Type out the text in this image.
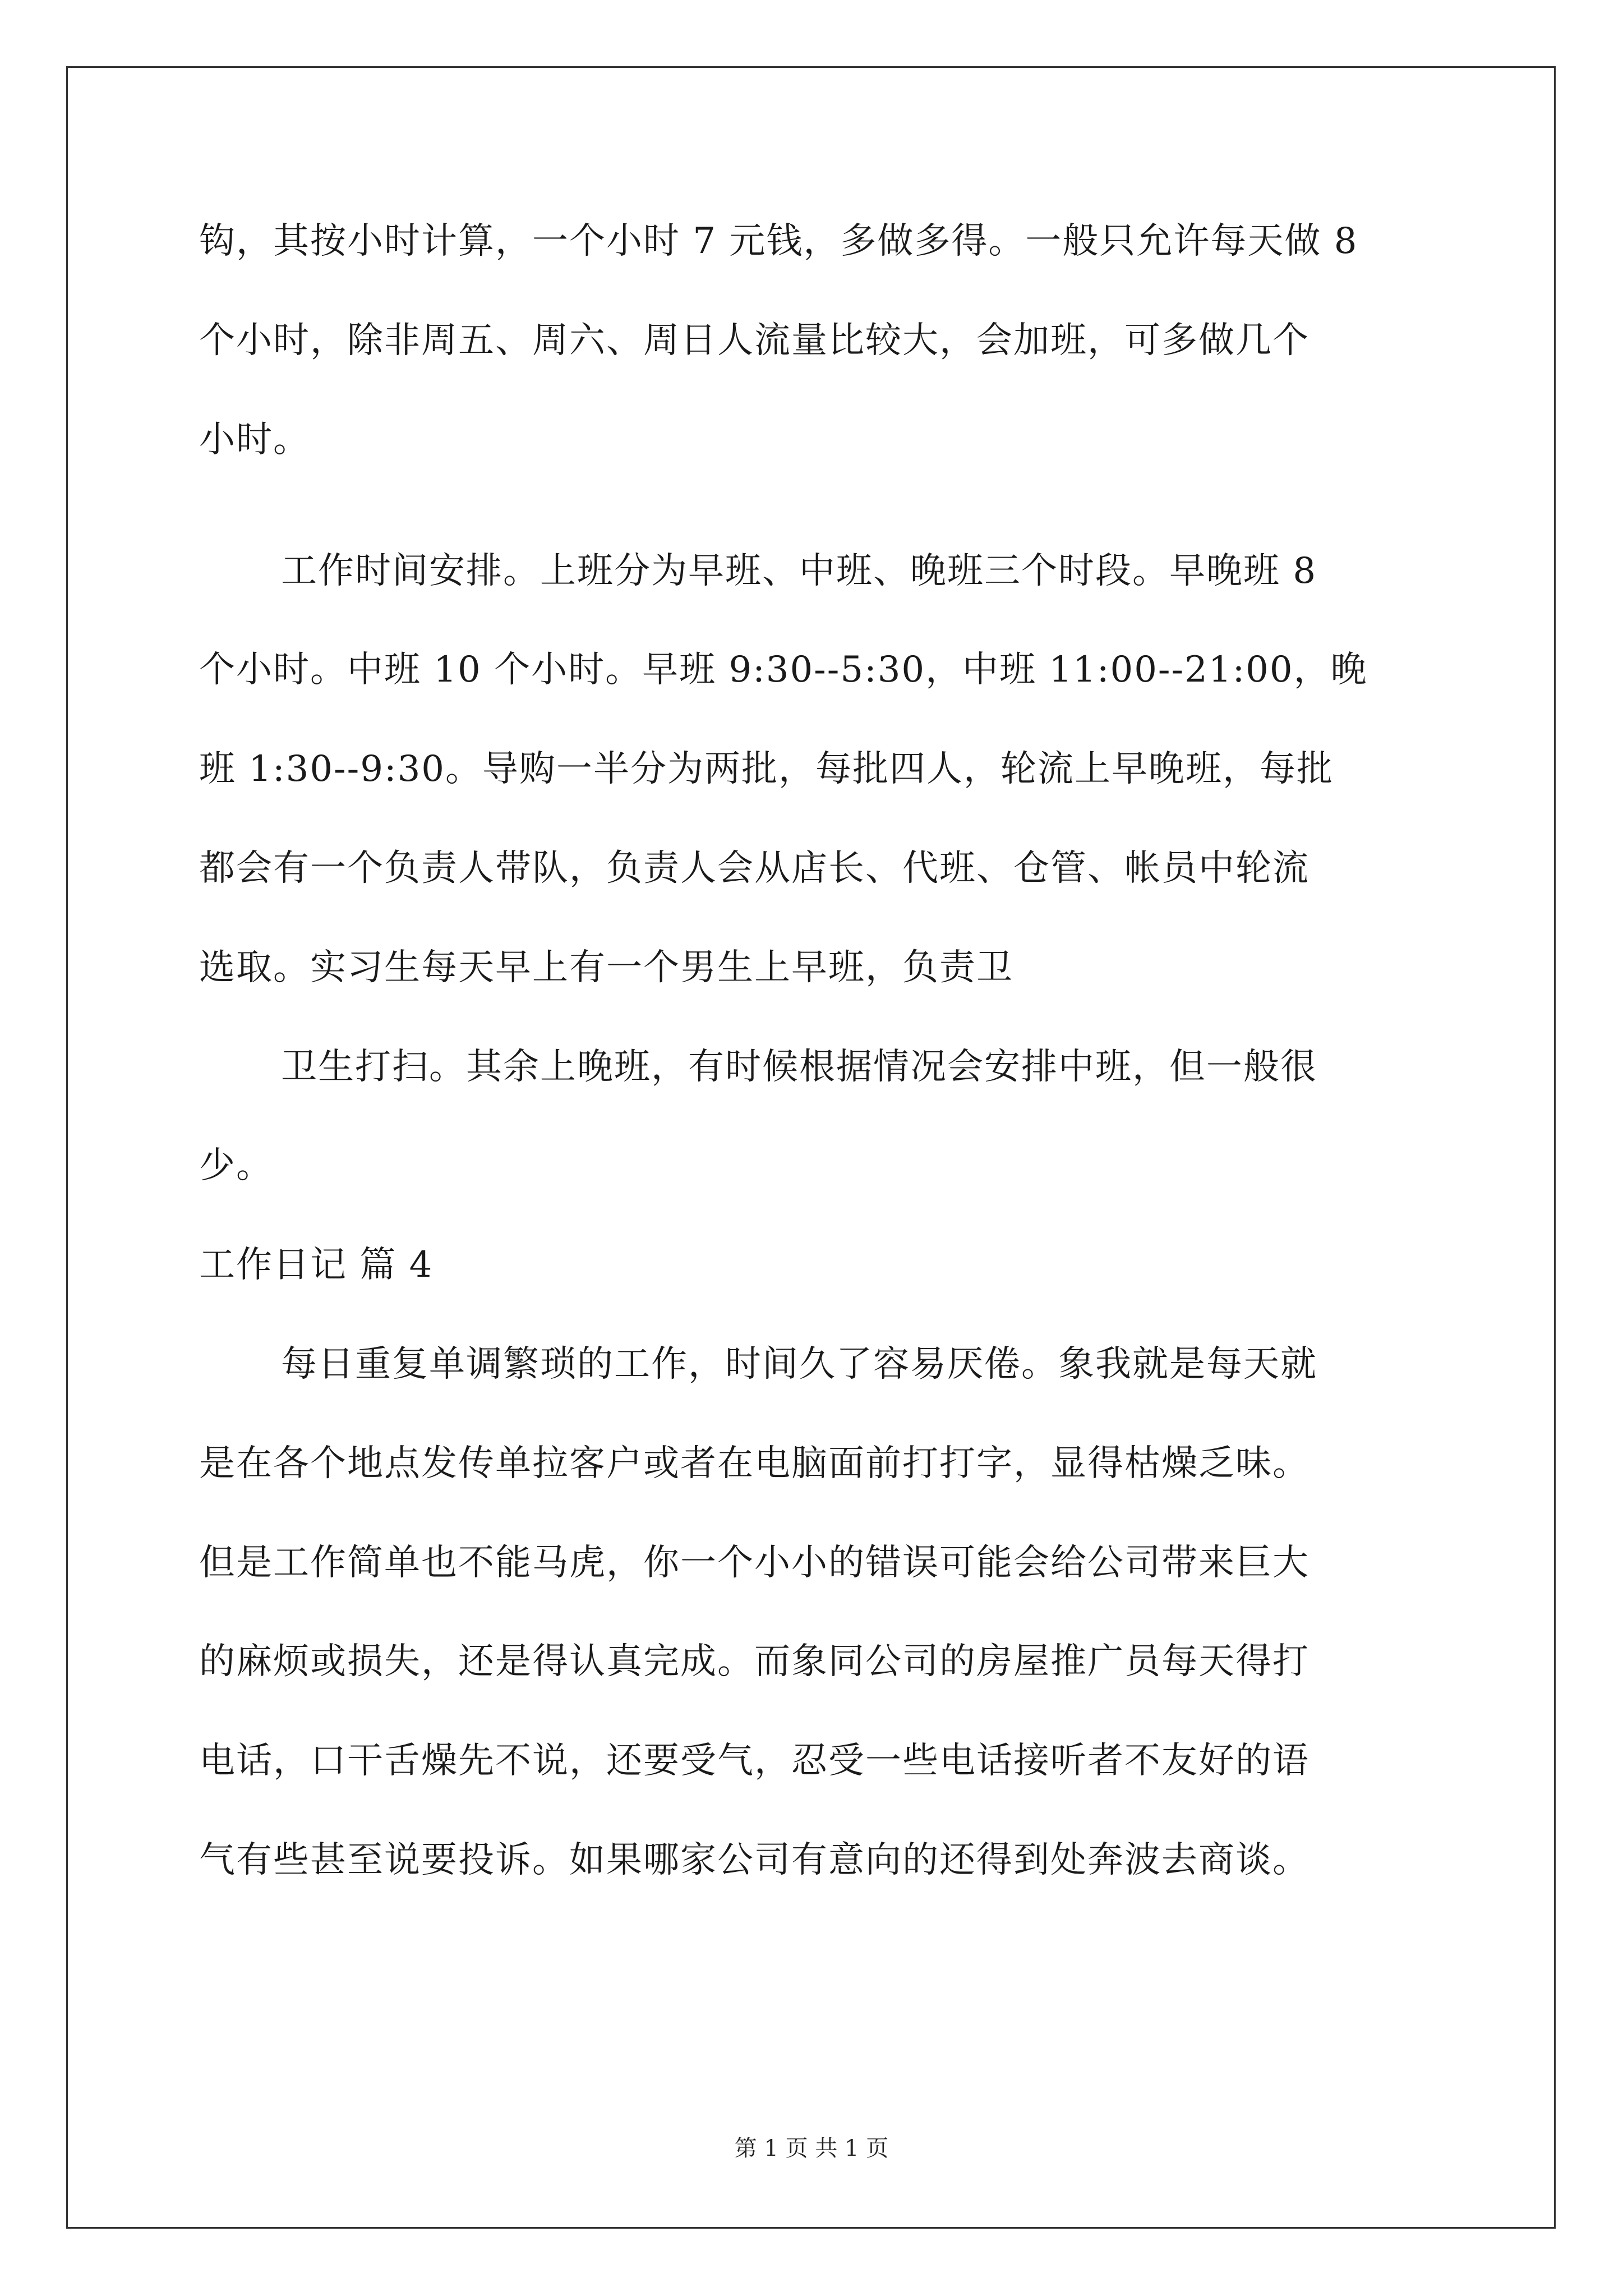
钩，其按小时计算，一个小时 7 元钱，多做多得。一般只允许每天做 8
个小时，除非周五、周六、周日人流量比较大，会加班，可多做几个
小时。
工作时间安排。上班分为早班、中班、晚班三个时段。早晚班 8
个小时。中班 10 个小时。早班 9:30--5:30，中班 11:00--21:00，晚
班 1:30--9:30。导购一半分为两批，每批四人，轮流上早晚班，每批
都会有一个负责人带队，负责人会从店长、代班、仓管、帐员中轮流
选取。实习生每天早上有一个男生上早班，负责卫
卫生打扫。其余上晚班，有时候根据情况会安排中班，但一般很
少。
工作日记 篇 4
每日重复单调繁琐的工作，时间久了容易厌倦。象我就是每天就
是在各个地点发传单拉客户或者在电脑面前打打字，显得枯燥乏味。
但是工作简单也不能马虎，你一个小小的错误可能会给公司带来巨大
的麻烦或损失，还是得认真完成。而象同公司的房屋推广员每天得打
电话，口干舌燥先不说，还要受气，忍受一些电话接听者不友好的语
气有些甚至说要投诉。如果哪家公司有意向的还得到处奔波去商谈。
第 1 页 共 1 页
